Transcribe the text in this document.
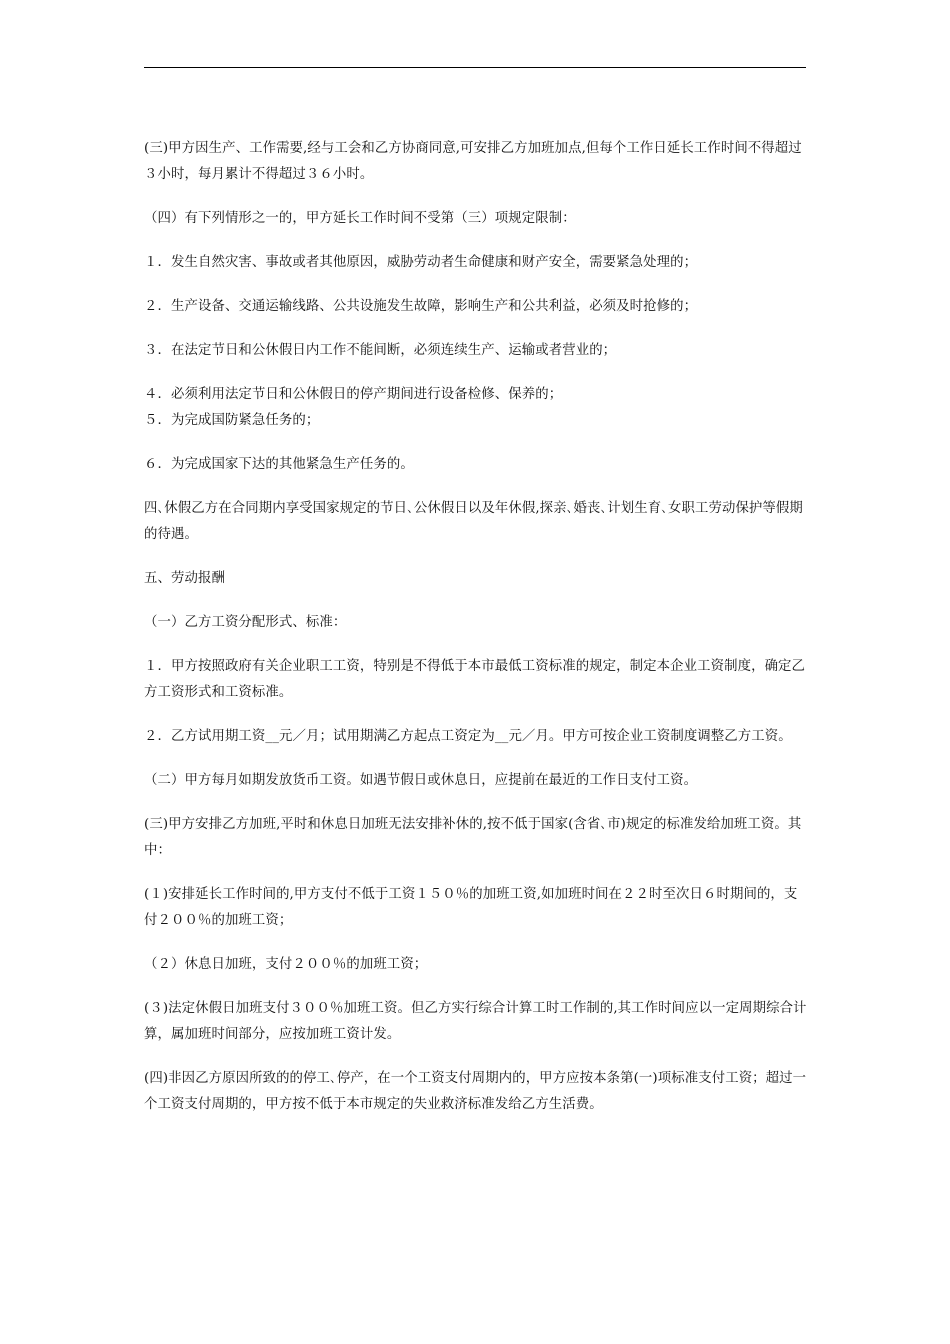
(三)甲方因生产、工作需要,经与工会和乙方协商同意,可安排乙方加班加点,但每个工作日延长工作时间不得超过３小时，每月累计不得超过３６小时。

（四）有下列情形之一的，甲方延长工作时间不受第（三）项规定限制：

１．发生自然灾害、事故或者其他原因，威胁劳动者生命健康和财产安全，需要紧急处理的；

２．生产设备、交通运输线路、公共设施发生故障，影响生产和公共利益，必须及时抢修的；

３．在法定节日和公休假日内工作不能间断，必须连续生产、运输或者营业的；

４．必须利用法定节日和公休假日的停产期间进行设备检修、保养的；

５．为完成国防紧急任务的；

６．为完成国家下达的其他紧急生产任务的。

四､休假乙方在合同期内享受国家规定的节日､公休假日以及年休假,探亲､婚丧､计划生育､女职工劳动保护等假期的待遇。

五、劳动报酬

（一）乙方工资分配形式、标准：

１．甲方按照政府有关企业职工工资，特别是不得低于本市最低工资标准的规定，制定本企业工资制度，确定乙方工资形式和工资标准。

２．乙方试用期工资__元／月；试用期满乙方起点工资定为__元／月。甲方可按企业工资制度调整乙方工资。

（二）甲方每月如期发放货币工资。如遇节假日或休息日，应提前在最近的工作日支付工资。

(三)甲方安排乙方加班,平时和休息日加班无法安排补休的,按不低于国家(含省､市)规定的标准发给加班工资。其中：

(１)安排延长工作时间的,甲方支付不低于工资１５０％的加班工资,如加班时间在２２时至次日６时期间的，支付２００％的加班工资；

（２）休息日加班，支付２００％的加班工资；

(３)法定休假日加班支付３００％加班工资。但乙方实行综合计算工时工作制的,其工作时间应以一定周期综合计算，属加班时间部分，应按加班工资计发。

(四)非因乙方原因所致的的停工､停产，在一个工资支付周期内的，甲方应按本条第(一)项标准支付工资；超过一个工资支付周期的，甲方按不低于本市规定的失业救济标准发给乙方生活费。
